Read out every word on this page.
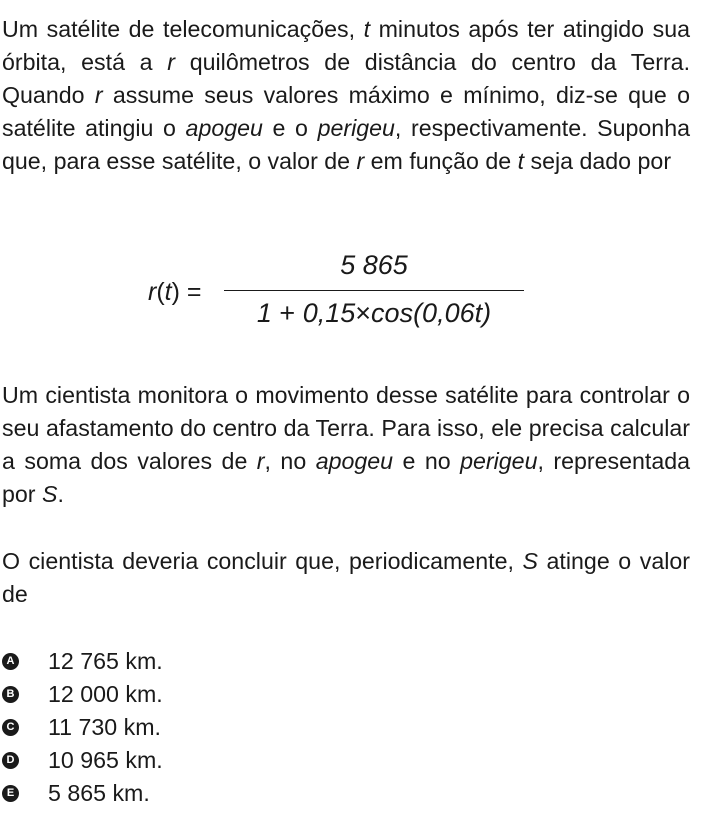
Um satélite de telecomunicações, t minutos após ter atingido sua órbita, está a r quilômetros de distância do centro da Terra. Quando r assume seus valores máximo e mínimo, diz-se que o satélite atingiu o apogeu e o perigeu, respectivamente. Suponha que, para esse satélite, o valor de r em função de t seja dado por

r(t) =
5 865
1 + 0,15×cos(0,06t)

Um cientista monitora o movimento desse satélite para controlar o seu afastamento do centro da Terra. Para isso, ele precisa calcular a soma dos valores de r, no apogeu e no perigeu, representada por S.

O cientista deveria concluir que, periodicamente, S atinge o valor de

A 12 765 km.
B 12 000 km.
C 11 730 km.
D 10 965 km.
E 5 865 km.
